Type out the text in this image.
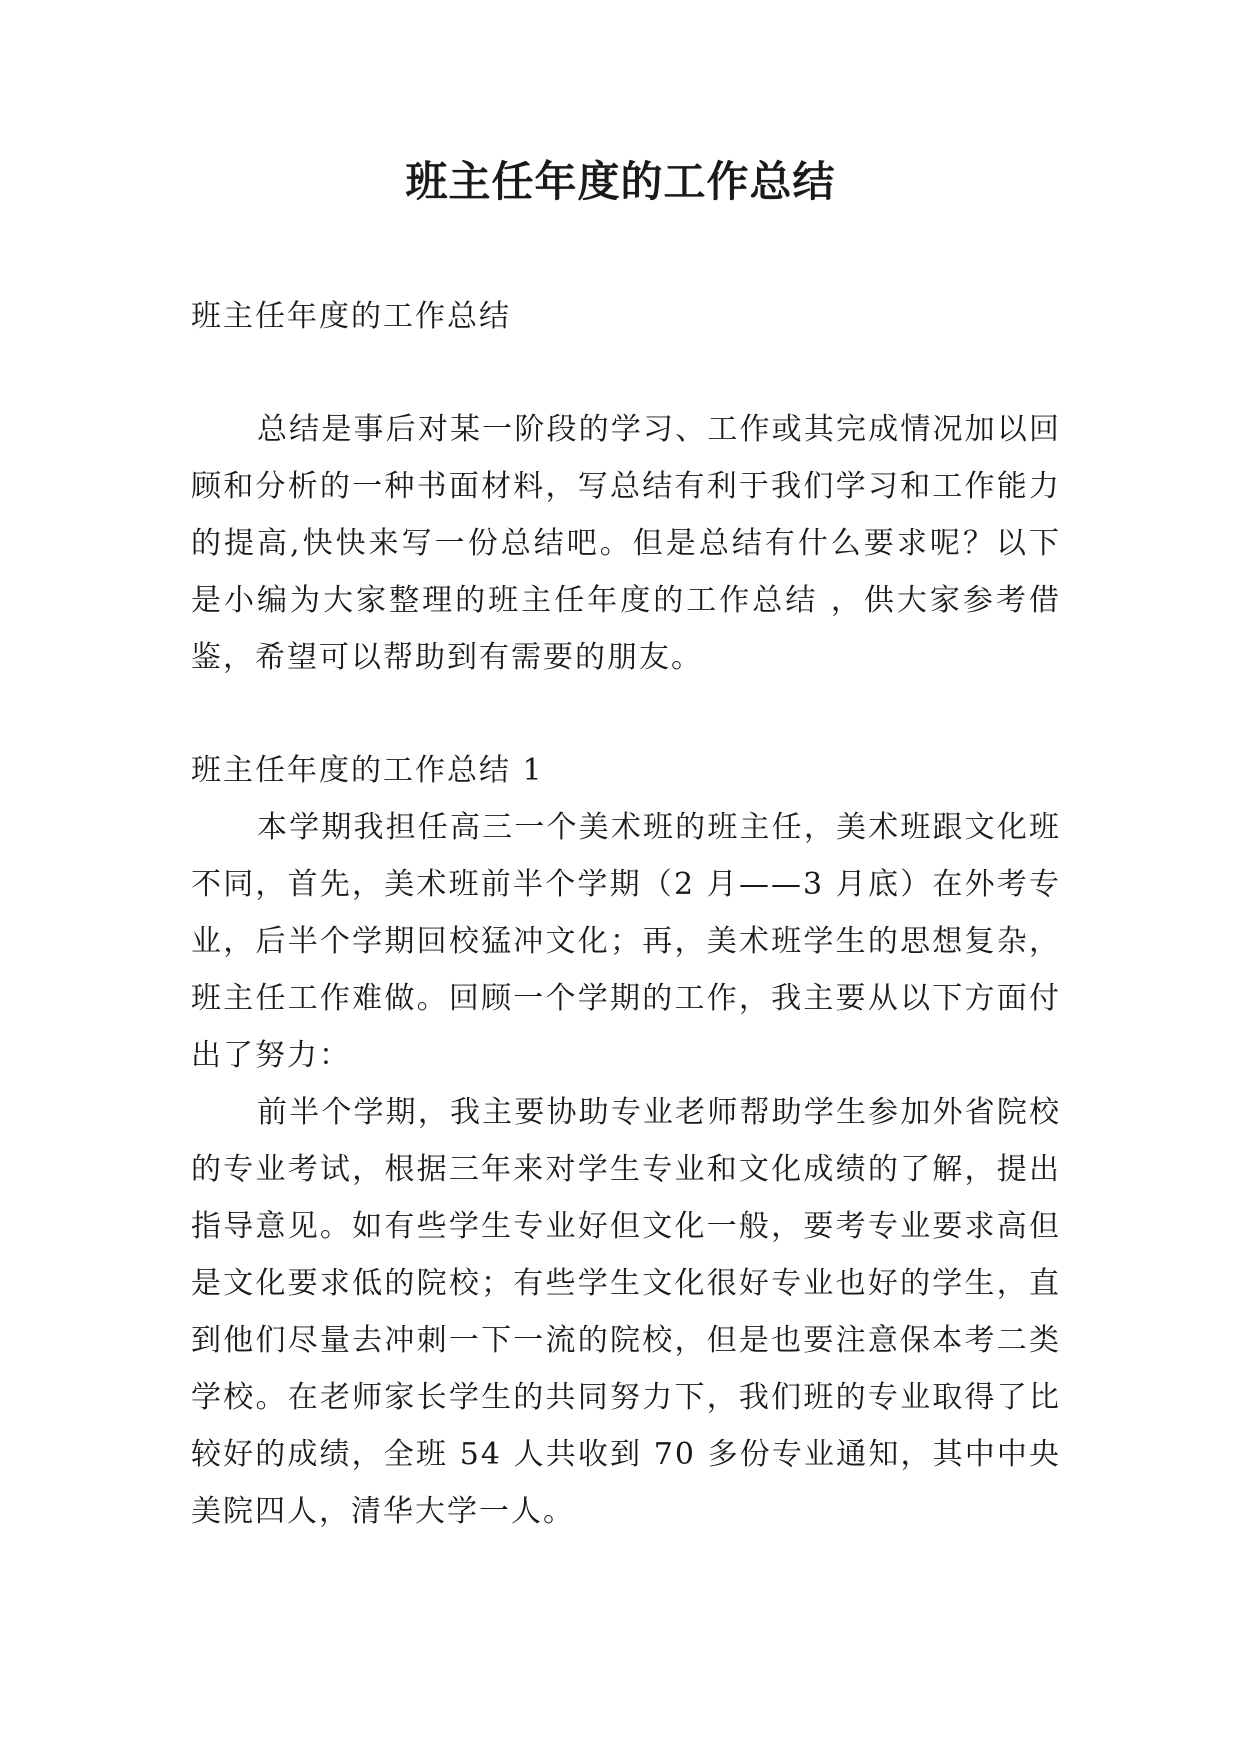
班主任年度的工作总结

班主任年度的工作总结

总结是事后对某一阶段的学习、工作或其完成情况加以回顾和分析的一种书面材料，写总结有利于我们学习和工作能力的提高,快快来写一份总结吧。但是总结有什么要求呢？以下是小编为大家整理的班主任年度的工作总结 ，供大家参考借鉴，希望可以帮助到有需要的朋友。

班主任年度的工作总结 1

本学期我担任高三一个美术班的班主任，美术班跟文化班不同，首先，美术班前半个学期（2 月——3 月底）在外考专业，后半个学期回校猛冲文化；再，美术班学生的思想复杂，班主任工作难做。回顾一个学期的工作，我主要从以下方面付出了努力：

前半个学期，我主要协助专业老师帮助学生参加外省院校的专业考试，根据三年来对学生专业和文化成绩的了解，提出指导意见。如有些学生专业好但文化一般，要考专业要求高但是文化要求低的院校；有些学生文化很好专业也好的学生，直到他们尽量去冲刺一下一流的院校，但是也要注意保本考二类学校。在老师家长学生的共同努力下，我们班的专业取得了比较好的成绩，全班 54 人共收到 70 多份专业通知，其中中央美院四人，清华大学一人。
